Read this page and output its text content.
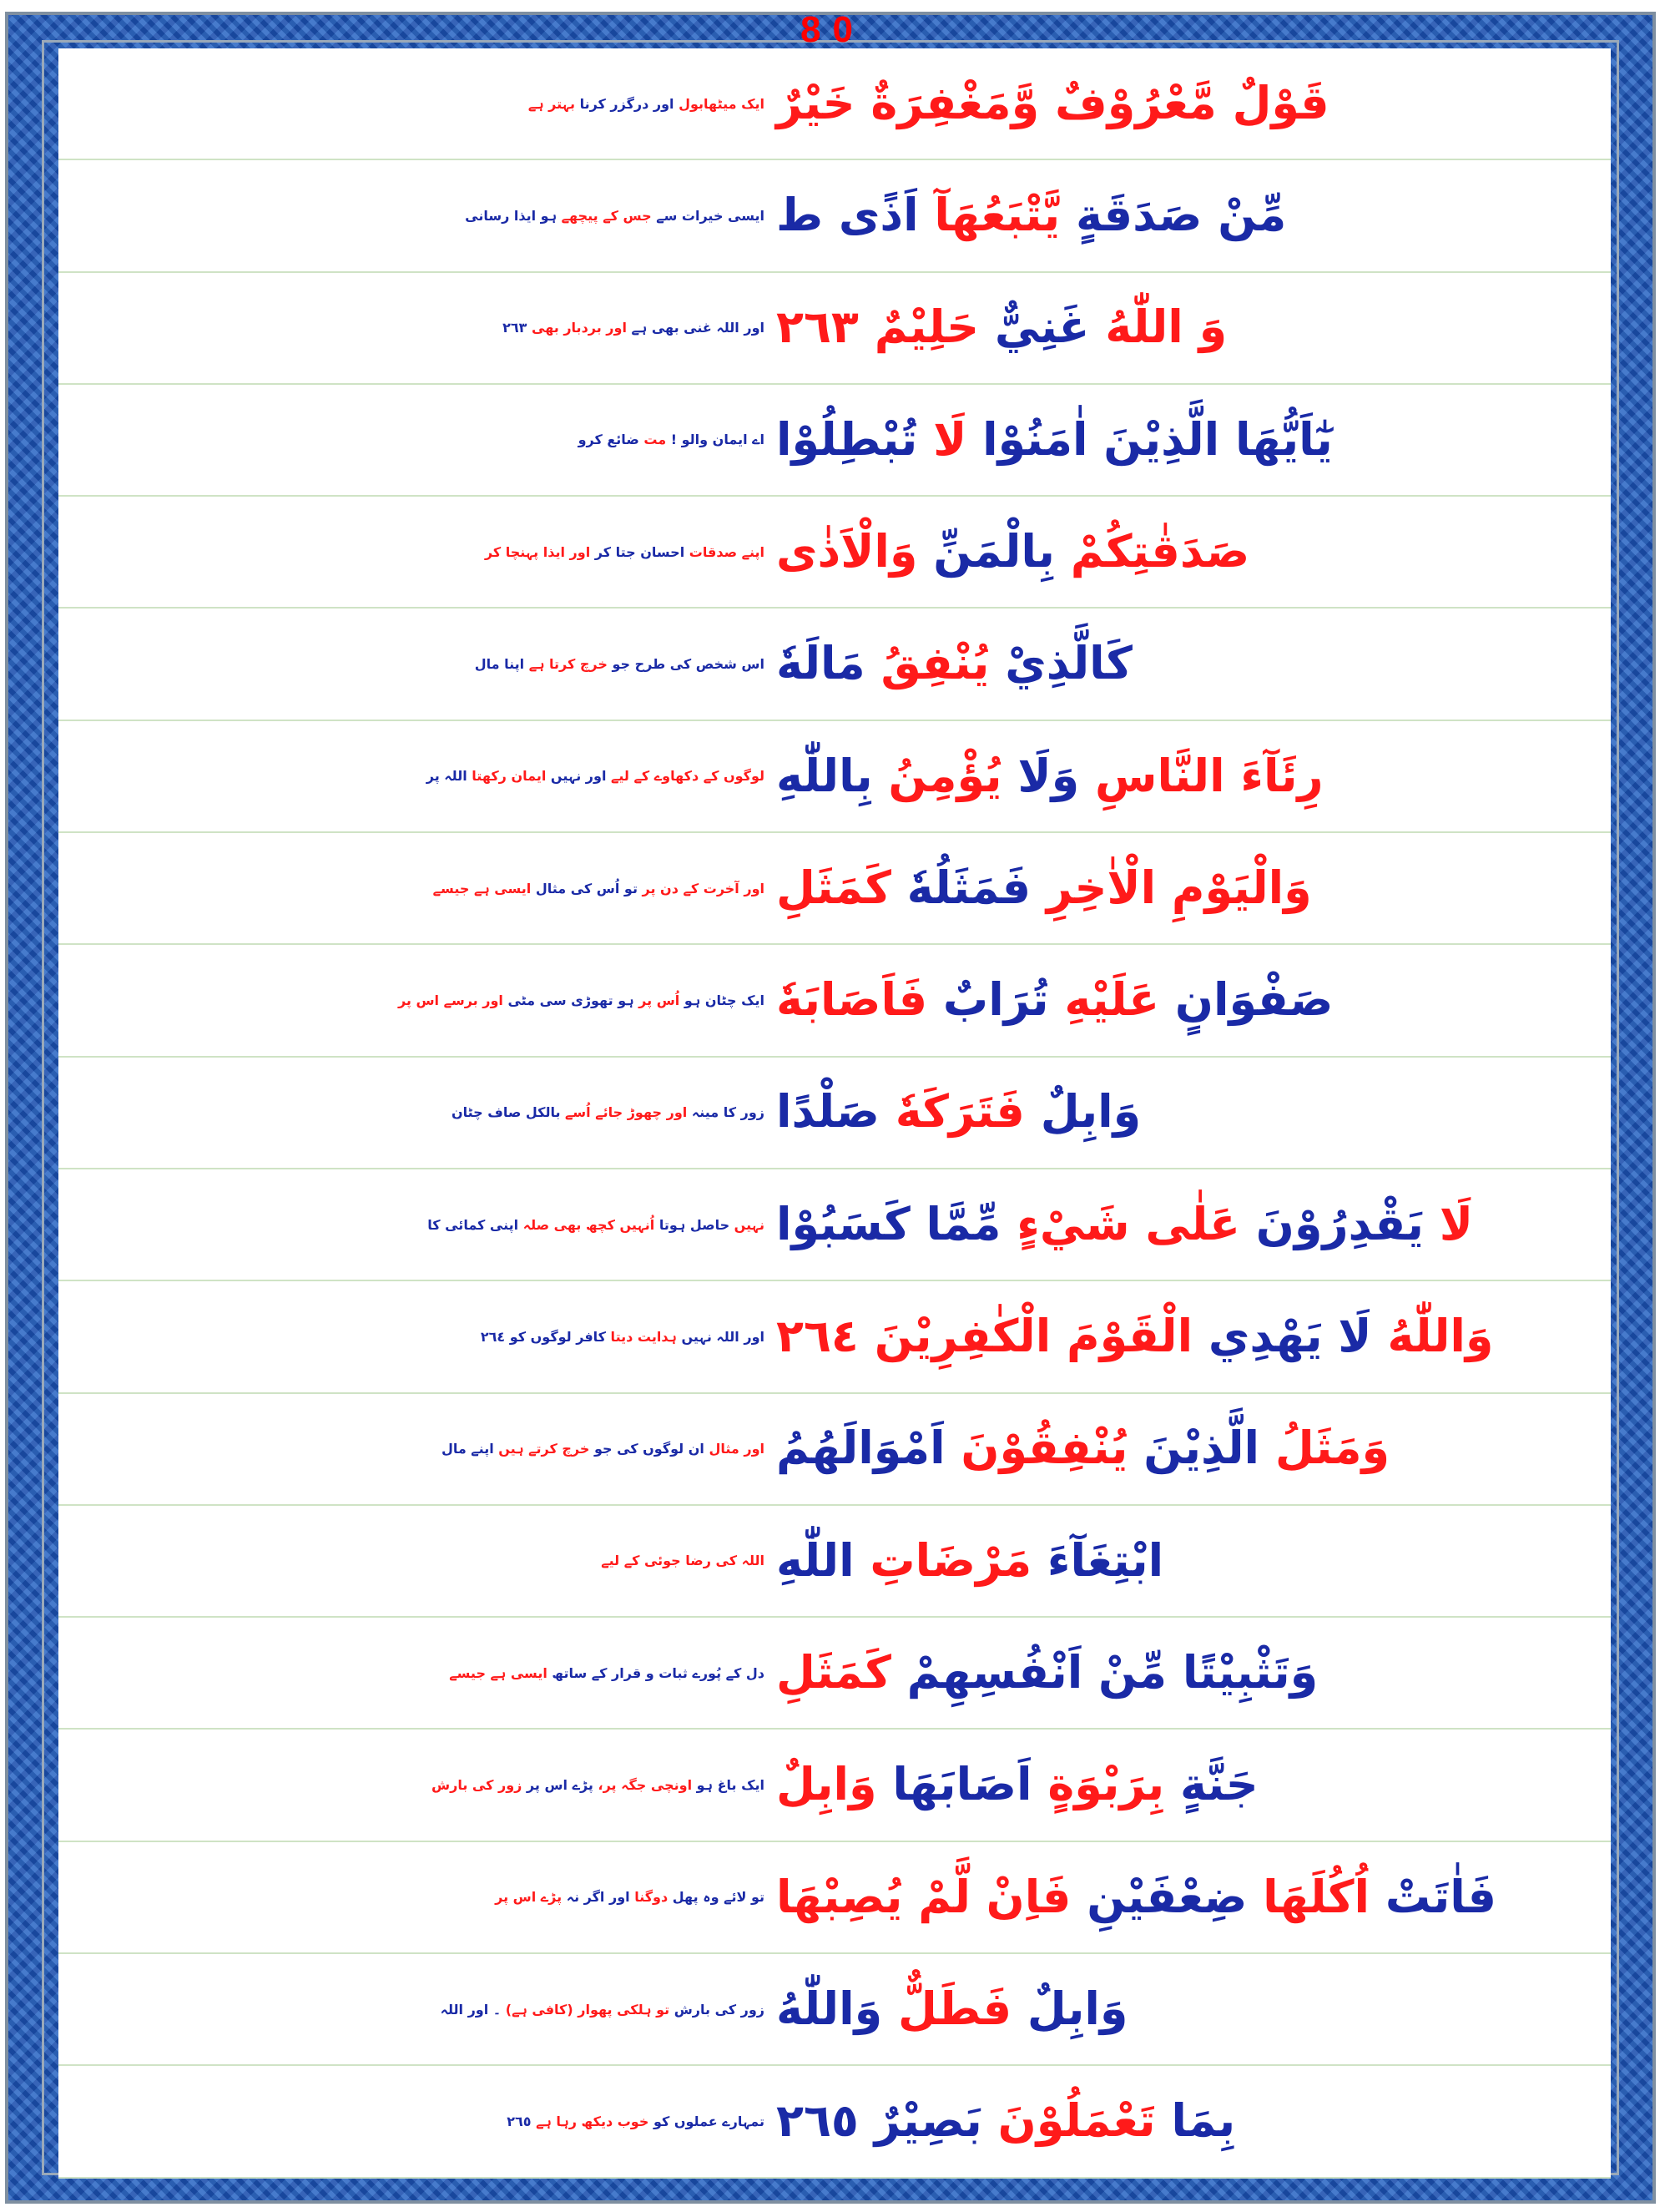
80
ایک میٹھابول اور درگزر کرنا بہتر ہے	قَوْلٌ مَّعْرُوْفٌ وَّمَغْفِرَةٌ خَيْرٌ
ایسی خیرات سے جس کے پیچھے ہو ایذا رسانی	مِّنْ صَدَقَةٍ يَّتْبَعُهَآ اَذًى ط
اور اللہ غنی بھی ہے اور بردبار بھی ٢٦٣	وَ اللّٰهُ غَنِيٌّ حَلِيْمٌ ٢٦٣
اے ایمان والو ! مت ضائع کرو	يٰٓاَيُّهَا الَّذِيْنَ اٰمَنُوْا لَا تُبْطِلُوْا
اپنے صدقات احسان جتا کر اور ایذا پہنچا کر	صَدَقٰتِكُمْ بِالْمَنِّ وَالْاَذٰى
اس شخص کی طرح جو خرچ کرتا ہے اپنا مال	كَالَّذِيْ يُنْفِقُ مَالَهٗ
لوگوں کے دکھاوے کے لیے اور نہیں ایمان رکھتا اللہ پر	رِئَآءَ النَّاسِ وَلَا يُؤْمِنُ بِاللّٰهِ
اور آخرت کے دن پر تو اُس کی مثال ایسی ہے جیسے	وَالْيَوْمِ الْاٰخِرِ فَمَثَلُهٗ كَمَثَلِ
ایک چٹان ہو اُس پر ہو تھوڑی سی مٹی اور برسے اس پر	صَفْوَانٍ عَلَيْهِ تُرَابٌ فَاَصَابَهٗ
زور کا مینہ اور چھوڑ جائے اُسے بالکل صاف چٹان	وَابِلٌ فَتَرَكَهٗ صَلْدًا
نہیں حاصل ہوتا اُنہیں کچھ بھی صلہ اپنی کمائی کا	لَا يَقْدِرُوْنَ عَلٰى شَيْءٍ مِّمَّا كَسَبُوْا
اور اللہ نہیں ہدایت دیتا کافر لوگوں کو ٢٦٤	وَاللّٰهُ لَا يَهْدِي الْقَوْمَ الْكٰفِرِيْنَ ٢٦٤
اور مثال ان لوگوں کی جو خرچ کرتے ہیں اپنے مال	وَمَثَلُ الَّذِيْنَ يُنْفِقُوْنَ اَمْوَالَهُمُ
اللہ کی رضا جوئی کے لیے	ابْتِغَآءَ مَرْضَاتِ اللّٰهِ
دل کے پُورے ثبات و قرار کے ساتھ ایسی ہے جیسے	وَتَثْبِيْتًا مِّنْ اَنْفُسِهِمْ كَمَثَلِ
ایک باغ ہو اونچی جگہ پر، پڑے اس پر زور کی بارش	جَنَّةٍ بِرَبْوَةٍ اَصَابَهَا وَابِلٌ
تو لائے وہ پھل دوگنا اور اگر نہ پڑے اس پر	فَاٰتَتْ اُكُلَهَا ضِعْفَيْنِ فَاِنْ لَّمْ يُصِبْهَا
زور کی بارش تو ہلکی پھوار (کافی ہے) ۔ اور اللہ	وَابِلٌ فَطَلٌّ وَاللّٰهُ
تمہارے عملوں کو خوب دیکھ رہا ہے ٢٦٥	بِمَا تَعْمَلُوْنَ بَصِيْرٌ ٢٦٥
